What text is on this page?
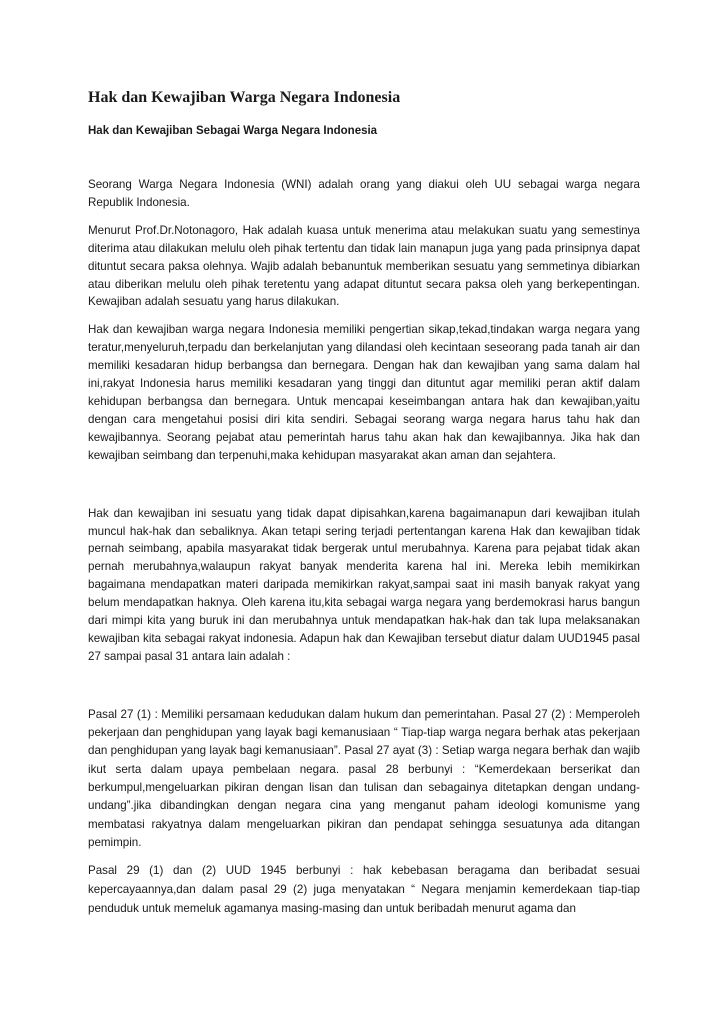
Hak dan Kewajiban Warga Negara Indonesia
Hak dan Kewajiban Sebagai Warga Negara Indonesia

Seorang Warga Negara Indonesia (WNI) adalah orang yang diakui oleh UU sebagai warga negara Republik Indonesia.

Menurut Prof.Dr.Notonagoro, Hak adalah kuasa untuk menerima atau melakukan suatu yang semestinya diterima atau dilakukan melulu oleh pihak tertentu dan tidak lain manapun juga yang pada prinsipnya dapat dituntut secara paksa olehnya. Wajib adalah bebanuntuk memberikan sesuatu yang semmetinya dibiarkan atau diberikan melulu oleh pihak teretentu yang adapat dituntut secara paksa oleh yang berkepentingan. Kewajiban adalah sesuatu yang harus dilakukan.

Hak dan kewajiban warga negara Indonesia memiliki pengertian sikap,tekad,tindakan warga negara yang teratur,menyeluruh,terpadu dan berkelanjutan yang dilandasi oleh kecintaan seseorang pada tanah air dan memiliki kesadaran hidup berbangsa dan bernegara. Dengan hak dan kewajiban yang sama dalam hal ini,rakyat Indonesia harus memiliki kesadaran yang tinggi dan dituntut agar memiliki peran aktif dalam kehidupan berbangsa dan bernegara. Untuk mencapai keseimbangan antara hak dan kewajiban,yaitu dengan cara mengetahui posisi diri kita sendiri. Sebagai seorang warga negara harus tahu hak dan kewajibannya. Seorang pejabat atau pemerintah harus tahu akan hak dan kewajibannya. Jika hak dan kewajiban seimbang dan terpenuhi,maka kehidupan masyarakat akan aman dan sejahtera.

Hak dan kewajiban ini sesuatu yang tidak dapat dipisahkan,karena bagaimanapun dari kewajiban itulah muncul hak-hak dan sebaliknya. Akan tetapi sering terjadi pertentangan karena Hak dan kewajiban tidak pernah seimbang, apabila masyarakat tidak bergerak untul merubahnya. Karena para pejabat tidak akan pernah merubahnya,walaupun rakyat banyak menderita karena hal ini. Mereka lebih memikirkan bagaimana mendapatkan materi daripada memikirkan rakyat,sampai saat ini masih banyak rakyat yang belum mendapatkan haknya. Oleh karena itu,kita sebagai warga negara yang berdemokrasi harus bangun dari mimpi kita yang buruk ini dan merubahnya untuk mendapatkan hak-hak dan tak lupa melaksanakan kewajiban kita sebagai rakyat indonesia. Adapun hak dan Kewajiban tersebut diatur dalam UUD1945 pasal 27 sampai pasal 31 antara lain adalah :

Pasal 27 (1) : Memiliki persamaan kedudukan dalam hukum dan pemerintahan. Pasal 27 (2) : Memperoleh pekerjaan dan penghidupan yang layak bagi kemanusiaan “ Tiap-tiap warga negara berhak atas pekerjaan dan penghidupan yang layak bagi kemanusiaan”. Pasal 27 ayat (3) : Setiap warga negara berhak dan wajib ikut serta dalam upaya pembelaan negara. pasal 28 berbunyi : “Kemerdekaan berserikat dan berkumpul,mengeluarkan pikiran dengan lisan dan tulisan dan sebagainya ditetapkan dengan undang-undang”.jika dibandingkan dengan negara cina yang menganut paham ideologi komunisme yang membatasi rakyatnya dalam mengeluarkan pikiran dan pendapat sehingga sesuatunya ada ditangan pemimpin.

Pasal 29 (1) dan (2) UUD 1945 berbunyi : hak kebebasan beragama dan beribadat sesuai kepercayaannya,dan dalam pasal 29 (2) juga menyatakan “ Negara menjamin kemerdekaan tiap-tiap penduduk untuk memeluk agamanya masing-masing dan untuk beribadah menurut agama dan
